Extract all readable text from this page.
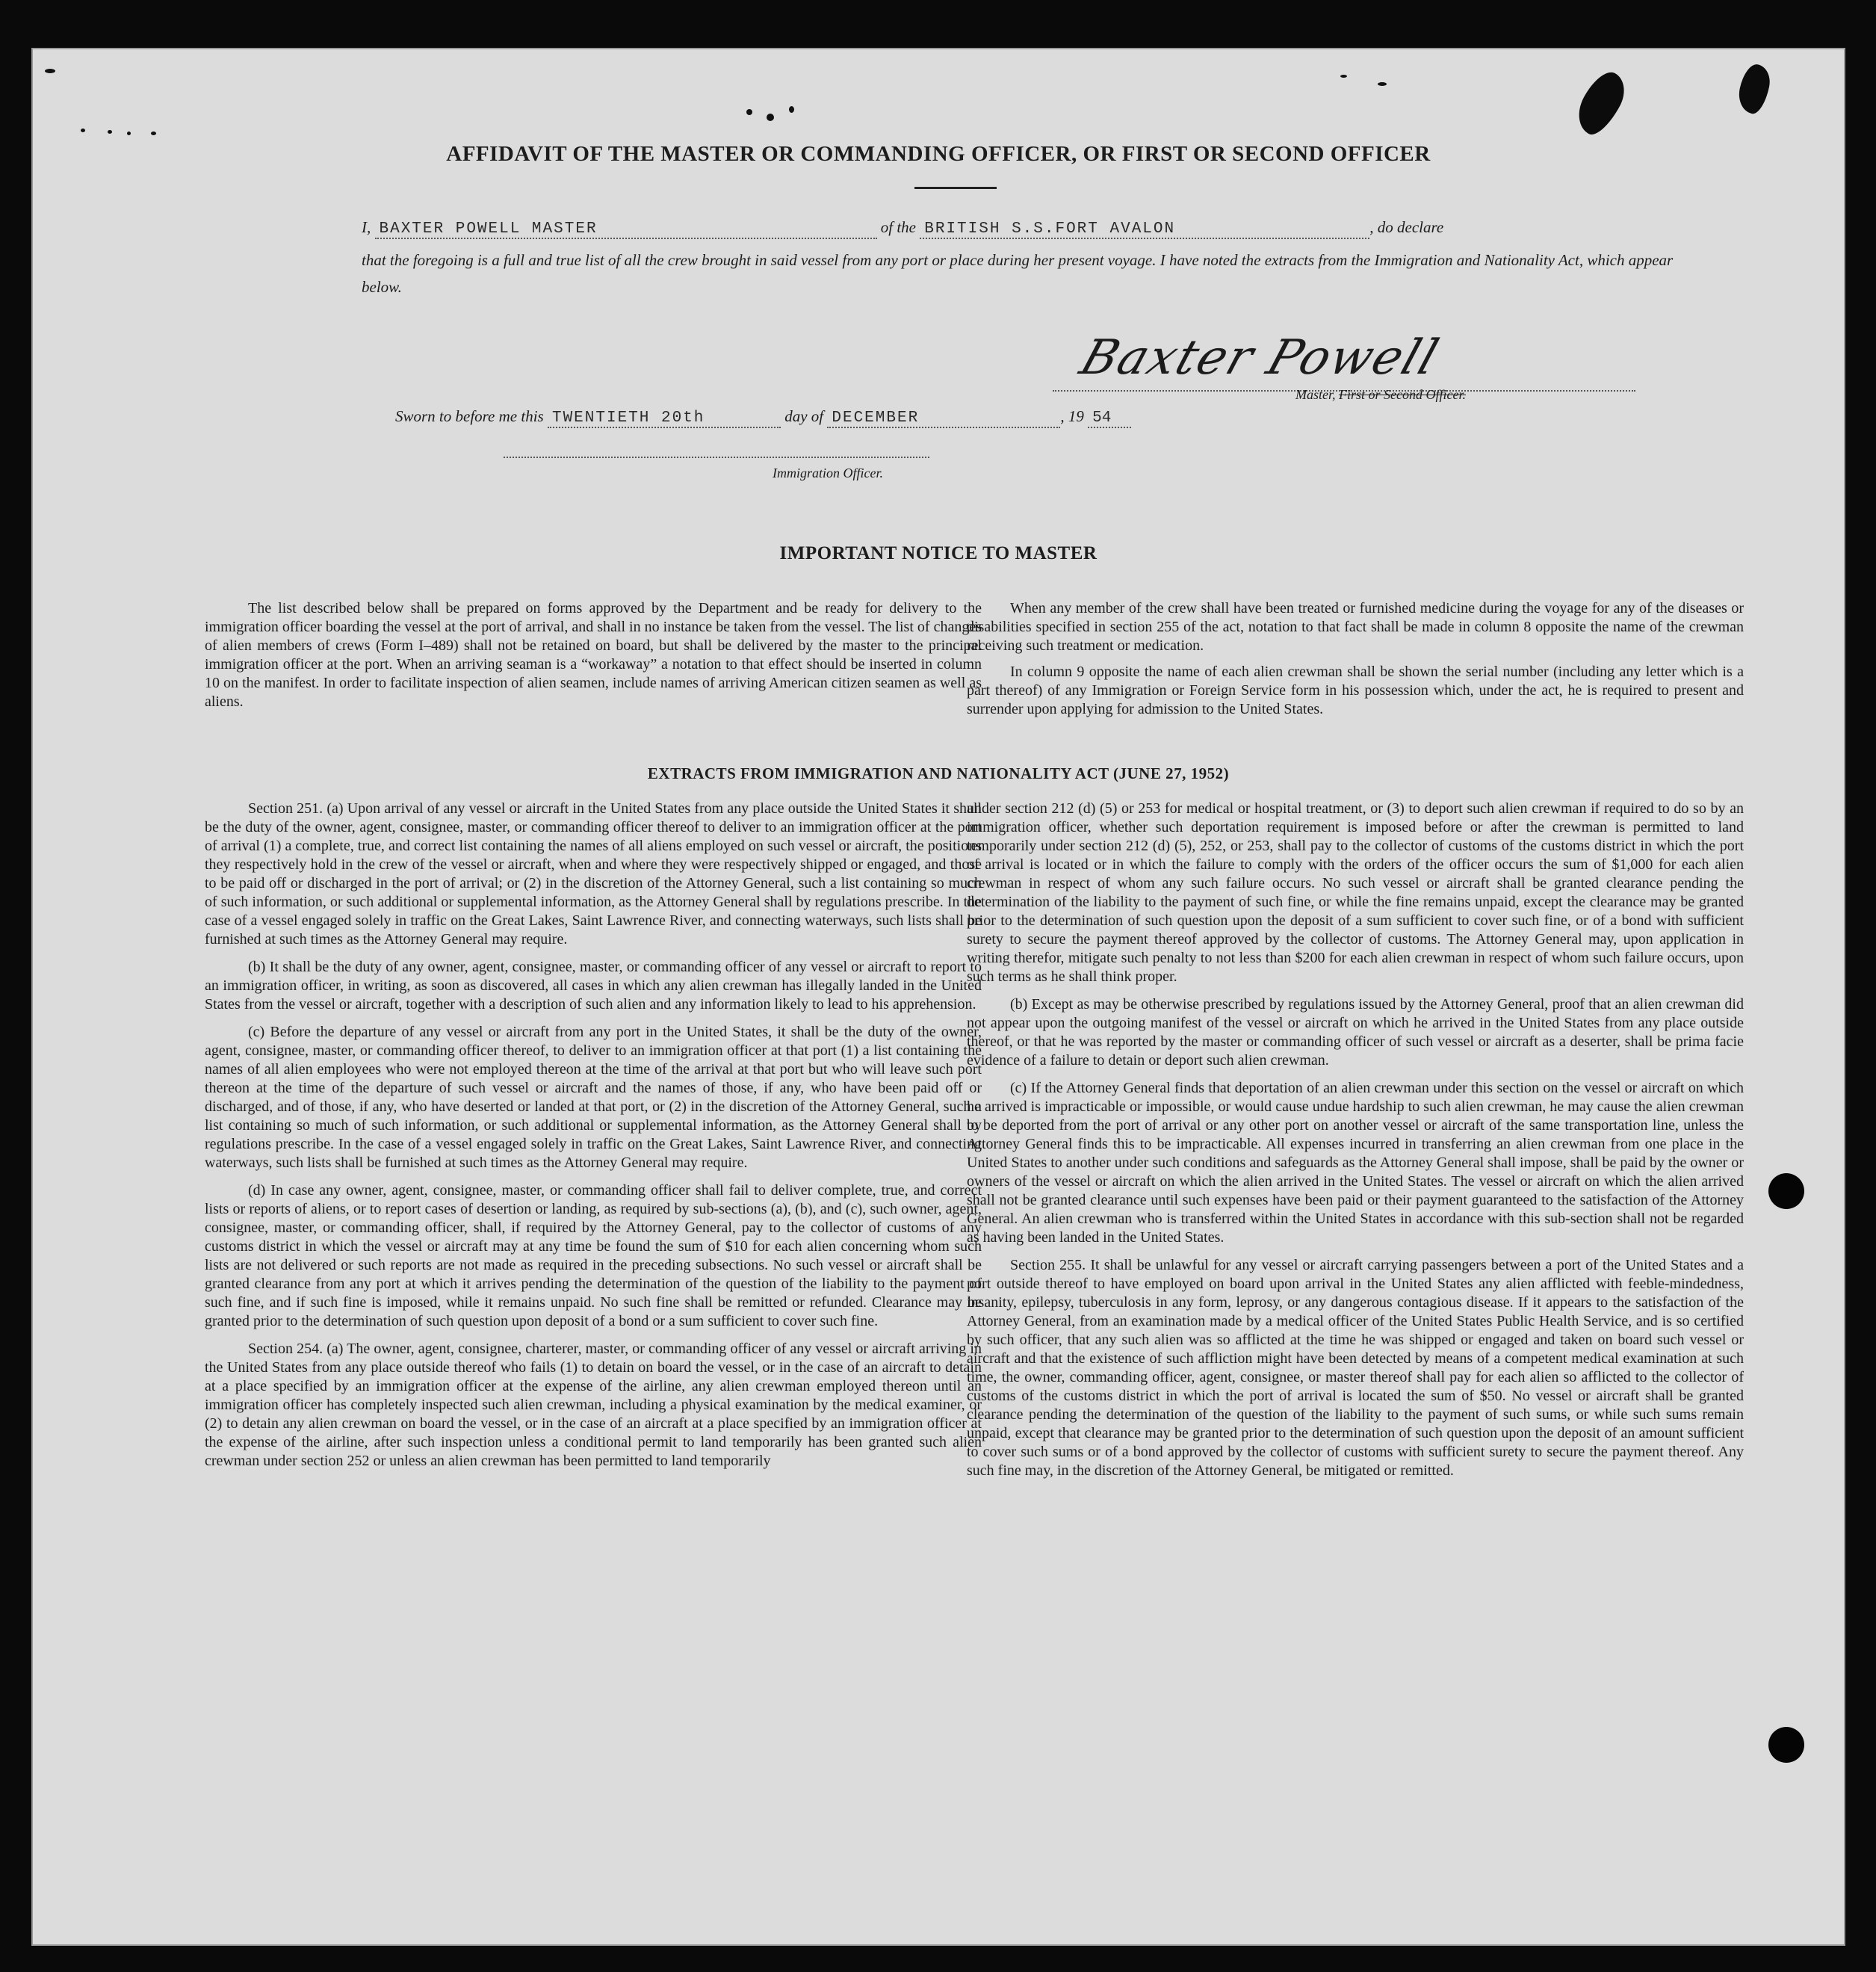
AFFIDAVIT OF THE MASTER OR COMMANDING OFFICER, OR FIRST OR SECOND OFFICER
I, BAXTER POWELL MASTER	of the BRITISH S.S.FORT AVALON	, do declare
that the foregoing is a full and true list of all the crew brought in said vessel from any port or place during her present voyage. I have noted the extracts from the Immigration and Nationality Act, which appear below.
Baxter Powell
Master, First or Second Officer.
Sworn to before me this TWENTIETH 20th	day of DECEMBER	, 19 54
Immigration Officer.
IMPORTANT NOTICE TO MASTER

The list described below shall be prepared on forms approved by the Department and be ready for delivery to the immigration officer boarding the vessel at the port of arrival, and shall in no instance be taken from the vessel. The list of changes of alien members of crews (Form I–489) shall not be retained on board, but shall be delivered by the master to the principal immigration officer at the port. When an arriving seaman is a “workaway” a notation to that effect should be inserted in column 10 on the manifest. In order to facilitate inspection of alien seamen, include names of arriving American citizen seamen as well as aliens.

When any member of the crew shall have been treated or furnished medicine during the voyage for any of the diseases or disabilities specified in section 255 of the act, notation to that fact shall be made in column 8 opposite the name of the crewman receiving such treatment or medication.

In column 9 opposite the name of each alien crewman shall be shown the serial number (including any letter which is a part thereof) of any Immigration or Foreign Service form in his possession which, under the act, he is required to present and surrender upon applying for admission to the United States.

EXTRACTS FROM IMMIGRATION AND NATIONALITY ACT (JUNE 27, 1952)

Section 251. (a) Upon arrival of any vessel or aircraft in the United States from any place outside the United States it shall be the duty of the owner, agent, consignee, master, or commanding officer thereof to deliver to an immigration officer at the port of arrival (1) a complete, true, and correct list containing the names of all aliens employed on such vessel or aircraft, the positions they respectively hold in the crew of the vessel or aircraft, when and where they were respectively shipped or engaged, and those to be paid off or discharged in the port of arrival; or (2) in the discretion of the Attorney General, such a list containing so much of such information, or such additional or supplemental information, as the Attorney General shall by regulations prescribe. In the case of a vessel engaged solely in traffic on the Great Lakes, Saint Lawrence River, and connecting waterways, such lists shall be furnished at such times as the Attorney General may require.

(b) It shall be the duty of any owner, agent, consignee, master, or commanding officer of any vessel or aircraft to report to an immigration officer, in writing, as soon as discovered, all cases in which any alien crewman has illegally landed in the United States from the vessel or aircraft, together with a description of such alien and any information likely to lead to his apprehension.

(c) Before the departure of any vessel or aircraft from any port in the United States, it shall be the duty of the owner, agent, consignee, master, or commanding officer thereof, to deliver to an immigration officer at that port (1) a list containing the names of all alien employees who were not employed thereon at the time of the arrival at that port but who will leave such port thereon at the time of the departure of such vessel or aircraft and the names of those, if any, who have been paid off or discharged, and of those, if any, who have deserted or landed at that port, or (2) in the discretion of the Attorney General, such a list containing so much of such information, or such additional or supplemental information, as the Attorney General shall by regulations prescribe. In the case of a vessel engaged solely in traffic on the Great Lakes, Saint Lawrence River, and connecting waterways, such lists shall be furnished at such times as the Attorney General may require.

(d) In case any owner, agent, consignee, master, or commanding officer shall fail to deliver complete, true, and correct lists or reports of aliens, or to report cases of desertion or landing, as required by sub-sections (a), (b), and (c), such owner, agent, consignee, master, or commanding officer, shall, if required by the Attorney General, pay to the collector of customs of any customs district in which the vessel or aircraft may at any time be found the sum of $10 for each alien concerning whom such lists are not delivered or such reports are not made as required in the preceding subsections. No such vessel or aircraft shall be granted clearance from any port at which it arrives pending the determination of the question of the liability to the payment of such fine, and if such fine is imposed, while it remains unpaid. No such fine shall be remitted or refunded. Clearance may be granted prior to the determination of such question upon deposit of a bond or a sum sufficient to cover such fine.

Section 254. (a) The owner, agent, consignee, charterer, master, or commanding officer of any vessel or aircraft arriving in the United States from any place outside thereof who fails (1) to detain on board the vessel, or in the case of an aircraft to detain at a place specified by an immigration officer at the expense of the airline, any alien crewman employed thereon until an immigration officer has completely inspected such alien crewman, including a physical examination by the medical examiner, or (2) to detain any alien crewman on board the vessel, or in the case of an aircraft at a place specified by an immigration officer at the expense of the airline, after such inspection unless a conditional permit to land temporarily has been granted such alien crewman under section 252 or unless an alien crewman has been permitted to land temporarily

under section 212 (d) (5) or 253 for medical or hospital treatment, or (3) to deport such alien crewman if required to do so by an immigration officer, whether such deportation requirement is imposed before or after the crewman is permitted to land temporarily under section 212 (d) (5), 252, or 253, shall pay to the collector of customs of the customs district in which the port of arrival is located or in which the failure to comply with the orders of the officer occurs the sum of $1,000 for each alien crewman in respect of whom any such failure occurs. No such vessel or aircraft shall be granted clearance pending the determination of the liability to the payment of such fine, or while the fine remains unpaid, except the clearance may be granted prior to the determination of such question upon the deposit of a sum sufficient to cover such fine, or of a bond with sufficient surety to secure the payment thereof approved by the collector of customs. The Attorney General may, upon application in writing therefor, mitigate such penalty to not less than $200 for each alien crewman in respect of whom such failure occurs, upon such terms as he shall think proper.

(b) Except as may be otherwise prescribed by regulations issued by the Attorney General, proof that an alien crewman did not appear upon the outgoing manifest of the vessel or aircraft on which he arrived in the United States from any place outside thereof, or that he was reported by the master or commanding officer of such vessel or aircraft as a deserter, shall be prima facie evidence of a failure to detain or deport such alien crewman.

(c) If the Attorney General finds that deportation of an alien crewman under this section on the vessel or aircraft on which he arrived is impracticable or impossible, or would cause undue hardship to such alien crewman, he may cause the alien crewman to be deported from the port of arrival or any other port on another vessel or aircraft of the same transportation line, unless the Attorney General finds this to be impracticable. All expenses incurred in transferring an alien crewman from one place in the United States to another under such conditions and safeguards as the Attorney General shall impose, shall be paid by the owner or owners of the vessel or aircraft on which the alien arrived in the United States. The vessel or aircraft on which the alien arrived shall not be granted clearance until such expenses have been paid or their payment guaranteed to the satisfaction of the Attorney General. An alien crewman who is transferred within the United States in accordance with this sub-section shall not be regarded as having been landed in the United States.

Section 255. It shall be unlawful for any vessel or aircraft carrying passengers between a port of the United States and a port outside thereof to have employed on board upon arrival in the United States any alien afflicted with feeble-mindedness, insanity, epilepsy, tuberculosis in any form, leprosy, or any dangerous contagious disease. If it appears to the satisfaction of the Attorney General, from an examination made by a medical officer of the United States Public Health Service, and is so certified by such officer, that any such alien was so afflicted at the time he was shipped or engaged and taken on board such vessel or aircraft and that the existence of such affliction might have been detected by means of a competent medical examination at such time, the owner, commanding officer, agent, consignee, or master thereof shall pay for each alien so afflicted to the collector of customs of the customs district in which the port of arrival is located the sum of $50. No vessel or aircraft shall be granted clearance pending the determination of the question of the liability to the payment of such sums, or while such sums remain unpaid, except that clearance may be granted prior to the determination of such question upon the deposit of an amount sufficient to cover such sums or of a bond approved by the collector of customs with sufficient surety to secure the payment thereof. Any such fine may, in the discretion of the Attorney General, be mitigated or remitted.
